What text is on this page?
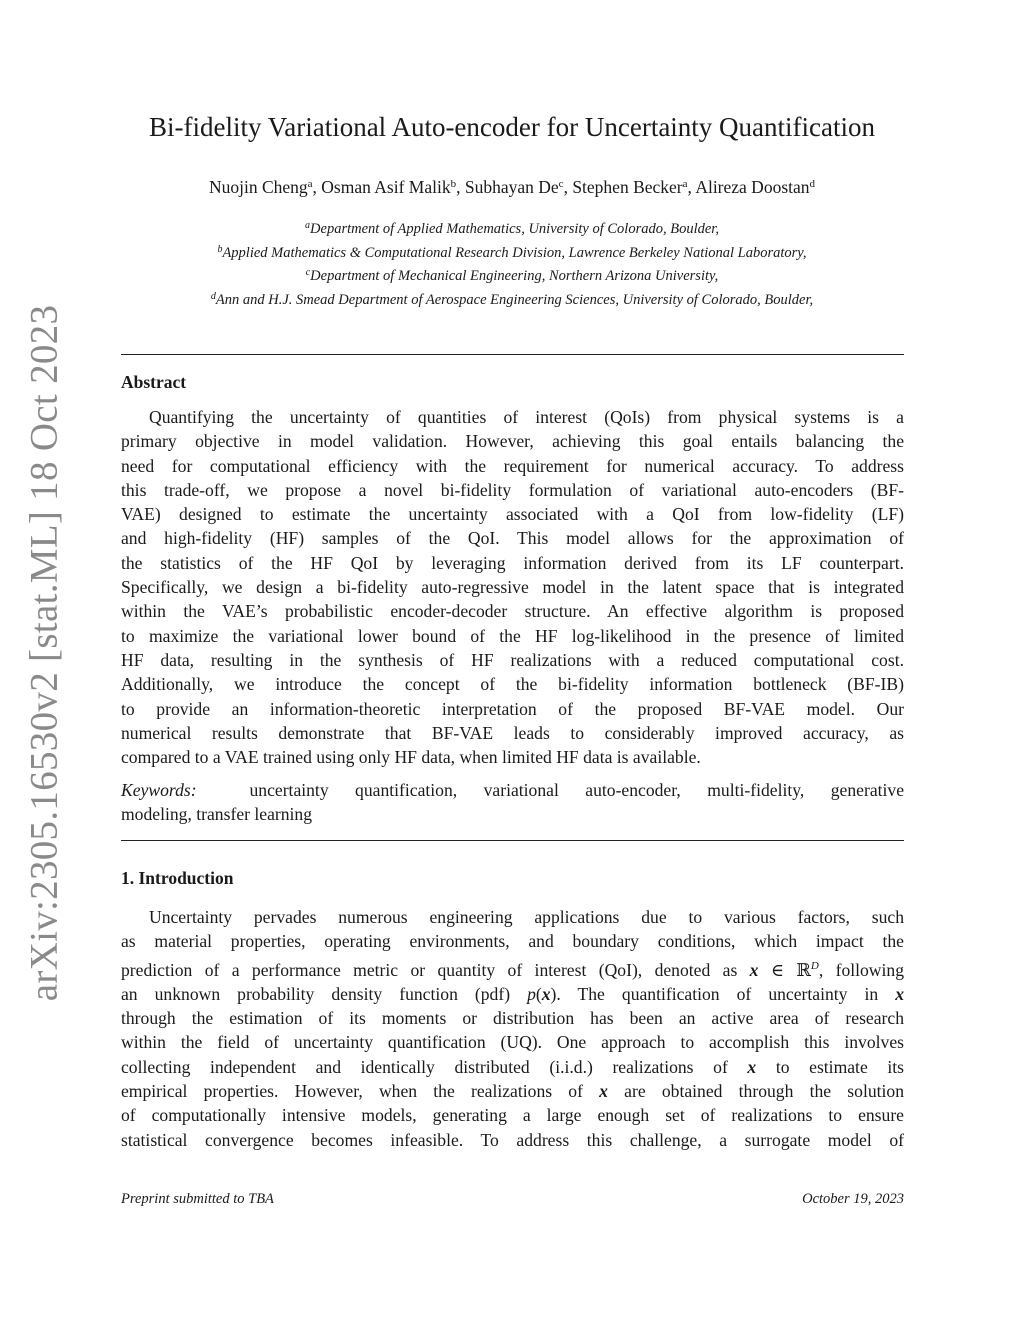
arXiv:2305.16530v2 [stat.ML] 18 Oct 2023
Bi-fidelity Variational Auto-encoder for Uncertainty Quantification
Nuojin Cheng$^a$, Osman Asif Malik$^b$, Subhayan De$^c$, Stephen Becker$^a$, Alireza Doostan$^d$
$^a$Department of Applied Mathematics, University of Colorado, Boulder,
$^b$Applied Mathematics & Computational Research Division, Lawrence Berkeley National Laboratory,
$^c$Department of Mechanical Engineering, Northern Arizona University,
$^d$Ann and H.J. Smead Department of Aerospace Engineering Sciences, University of Colorado, Boulder,
Abstract
Quantifying the uncertainty of quantities of interest (QoIs) from physical systems is a
primary objective in model validation. However, achieving this goal entails balancing the
need for computational efficiency with the requirement for numerical accuracy. To address
this trade-off, we propose a novel bi-fidelity formulation of variational auto-encoders (BF-
VAE) designed to estimate the uncertainty associated with a QoI from low-fidelity (LF)
and high-fidelity (HF) samples of the QoI. This model allows for the approximation of
the statistics of the HF QoI by leveraging information derived from its LF counterpart.
Specifically, we design a bi-fidelity auto-regressive model in the latent space that is integrated
within the VAE’s probabilistic encoder-decoder structure. An effective algorithm is proposed
to maximize the variational lower bound of the HF log-likelihood in the presence of limited
HF data, resulting in the synthesis of HF realizations with a reduced computational cost.
Additionally, we introduce the concept of the bi-fidelity information bottleneck (BF-IB)
to provide an information-theoretic interpretation of the proposed BF-VAE model. Our
numerical results demonstrate that BF-VAE leads to considerably improved accuracy, as
compared to a VAE trained using only HF data, when limited HF data is available.
Keywords:	uncertainty quantification, variational auto-encoder, multi-fidelity, generative
modeling, transfer learning
1. Introduction
Uncertainty pervades numerous engineering applications due to various factors, such
as material properties, operating environments, and boundary conditions, which impact the
prediction of a performance metric or quantity of interest (QoI), denoted as x ∈ ℝ$^D$, following
an unknown probability density function (pdf) p(x). The quantification of uncertainty in x
through the estimation of its moments or distribution has been an active area of research
within the field of uncertainty quantification (UQ). One approach to accomplish this involves
collecting independent and identically distributed (i.i.d.) realizations of x to estimate its
empirical properties. However, when the realizations of x are obtained through the solution
of computationally intensive models, generating a large enough set of realizations to ensure
statistical convergence becomes infeasible. To address this challenge, a surrogate model of
Preprint submitted to TBA	October 19, 2023
